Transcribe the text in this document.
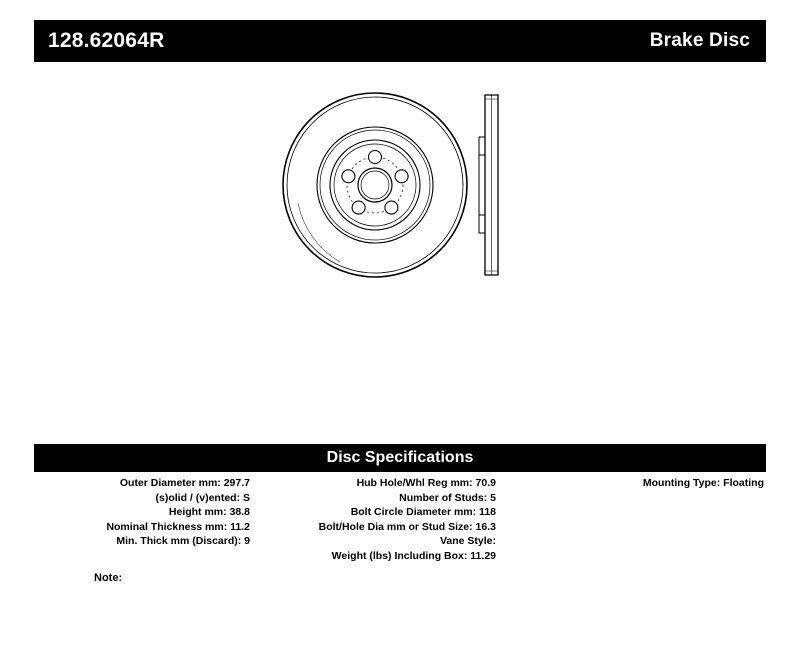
128.62064R	Brake Disc
Disc Specifications
Outer Diameter mm: 297.7
(s)olid / (v)ented: S
Height mm: 38.8
Nominal Thickness mm: 11.2
Min. Thick mm (Discard): 9
Hub Hole/Whl Reg mm: 70.9
Number of Studs: 5
Bolt Circle Diameter mm: 118
Bolt/Hole Dia mm or Stud Size: 16.3
Vane Style:
Weight (lbs) Including Box: 11.29
Mounting Type: Floating
Note:
